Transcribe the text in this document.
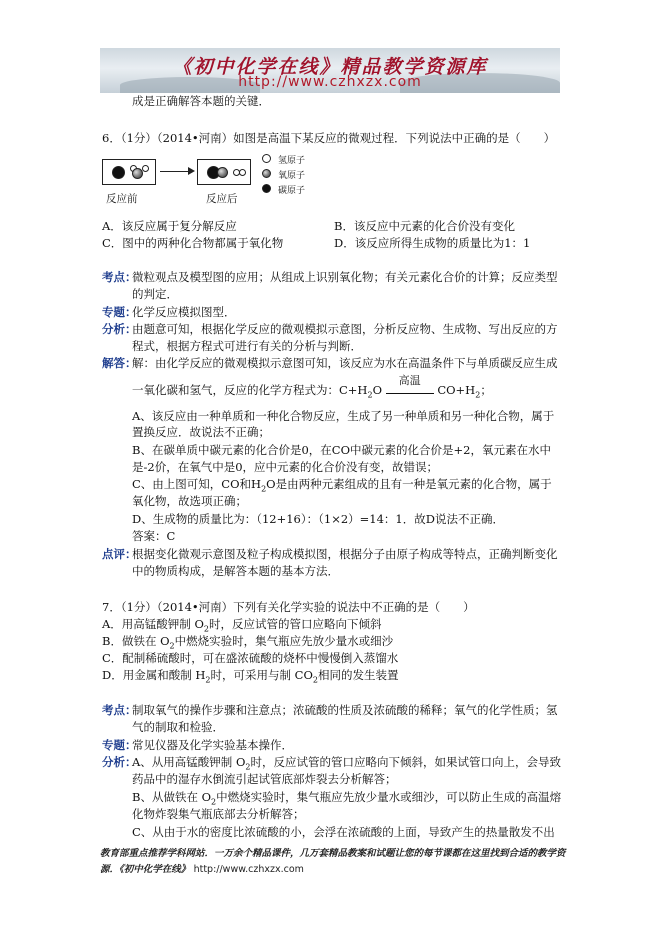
《初中化学在线》精品教学资源库
http://www.czhxzx.com
成是正确解答本题的关键．
6．（1分）（2014•河南）如图是高温下某反应的微观过程．下列说法中正确的是（　　）
反应前	反应后
氢原子
氧原子
碳原子
A．该反应属于复分解反应	B．该反应中元素的化合价没有变化
C．图中的两种化合物都属于氧化物	D．该反应所得生成物的质量比为1：1
考点：
微粒观点及模型图的应用；从组成上识别氧化物；有关元素化合价的计算；反应类型
的判定．
专题：
化学反应模拟图型．
分析：
由题意可知，根据化学反应的微观模拟示意图，分析反应物、生成物、写出反应的方
程式，根据方程式可进行有关的分析与判断．
解答：
解：由化学反应的微观模拟示意图可知，该反应为水在高温条件下与单质碳反应生成
一氧化碳和氢气，反应的化学方程式为：$C+H_2O$
高温
$CO+H_2$；
A、该反应由一种单质和一种化合物反应，生成了另一种单质和另一种化合物，属于
置换反应．故说法不正确；
B、在碳单质中碳元素的化合价是0，在CO中碳元素的化合价是+2，氧元素在水中
是-2价，在氧气中是0，应中元素的化合价没有变，故错误；
C、由上图可知，CO和$H_2O$是由两种元素组成的且有一种是氧元素的化合物，属于
氧化物，故选项正确；
D、生成物的质量比为：（12+16）：（1×2）=14：1．故D说法不正确．
答案：C
点评：
根据变化微观示意图及粒子构成模拟图，根据分子由原子构成等特点，正确判断变化
中的物质构成，是解答本题的基本方法．
7．（1分）（2014•河南）下列有关化学实验的说法中不正确的是（　　）
A．用高锰酸钾制 $O_2$时，反应试管的管口应略向下倾斜
B．做铁在 $O_2$中燃烧实验时，集气瓶应先放少量水或细沙
C．配制稀硫酸时，可在盛浓硫酸的烧杯中慢慢倒入蒸馏水
D．用金属和酸制 $H_2$时，可采用与制 $CO_2$相同的发生装置
考点：
制取氧气的操作步骤和注意点；浓硫酸的性质及浓硫酸的稀释；氧气的化学性质；氢
气的制取和检验．
专题：
常见仪器及化学实验基本操作．
分析：
A、从用高锰酸钾制 $O_2$时，反应试管的管口应略向下倾斜，如果试管口向上，会导致
药品中的湿存水倒流引起试管底部炸裂去分析解答；
B、从做铁在 $O_2$中燃烧实验时，集气瓶应先放少量水或细沙，可以防止生成的高温熔
化物炸裂集气瓶底部去分析解答；
C、从由于水的密度比浓硫酸的小，会浮在浓硫酸的上面，导致产生的热量散发不出
教育部重点推荐学科网站．一万余个精品课件，几万套精品教案和试题让您的每节课都在这里找到合适的教学资源．《初中化学在线》 http://www.czhxzx.com
